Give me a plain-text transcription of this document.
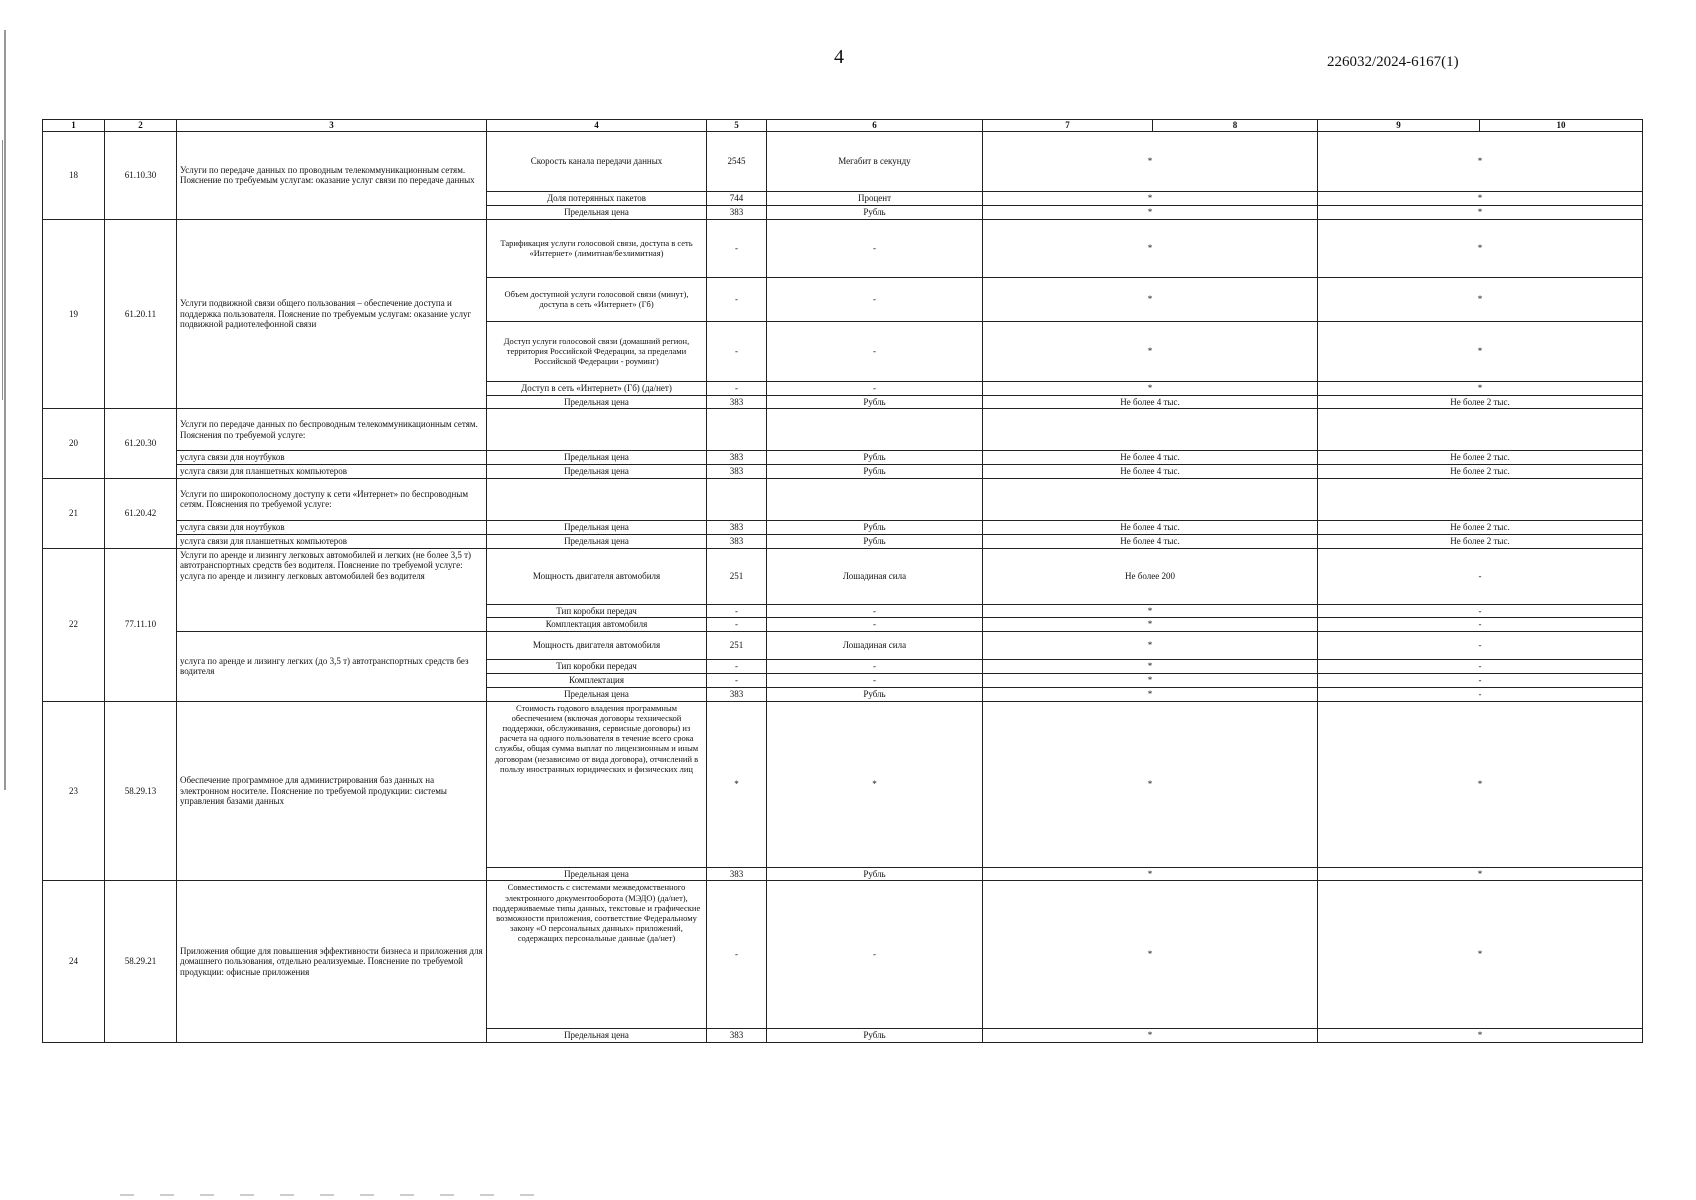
4	226032/2024-6167(1)
1	2	3	4	5	6	7	8	9	10
18	61.10.30	Услуги по передаче данных по проводным телекоммуникационным сетям. Пояснение по требуемым услугам: оказание услуг связи по передаче данных	Скорость канала передачи данных	2545	Мегабит в секунду	*		*	
			Доля потерянных пакетов	744	Процент	*		*	
			Предельная цена	383	Рубль	*		*	
19	61.20.11	Услуги подвижной связи общего пользования – обеспечение доступа и поддержка пользователя. Пояснение по требуемым услугам: оказание услуг подвижной радиотелефонной связи	Тарификация услуги голосовой связи, доступа в сеть «Интернет» (лимитная/безлимитная)	-	-	*		*	
			Объем доступной услуги голосовой связи (минут), доступа в сеть «Интернет» (Гб)	-	-	*		*	
			Доступ услуги голосовой связи (домашний регион, территория Российской Федерации, за пределами Российской Федерации - роуминг)	-	-	*		*	
			Доступ в сеть «Интернет» (Гб) (да/нет)	-	-	*		*	
			Предельная цена	383	Рубль	Не более 4 тыс.		Не более 2 тыс.	
20	61.20.30	Услуги по передаче данных по беспроводным телекоммуникационным сетям. Пояснения по требуемой услуге:							
		услуга связи для ноутбуков	Предельная цена	383	Рубль	Не более 4 тыс.		Не более 2 тыс.	
		услуга связи для планшетных компьютеров	Предельная цена	383	Рубль	Не более 4 тыс.		Не более 2 тыс.	
21	61.20.42	Услуги по широкополосному доступу к сети «Интернет» по беспроводным сетям. Пояснения по требуемой услуге:							
		услуга связи для ноутбуков	Предельная цена	383	Рубль	Не более 4 тыс.		Не более 2 тыс.	
		услуга связи для планшетных компьютеров	Предельная цена	383	Рубль	Не более 4 тыс.		Не более 2 тыс.	
22	77.11.10	Услуги по аренде и лизингу легковых автомобилей и легких (не более 3,5 т) автотранспортных средств без водителя. Пояснение по требуемой услуге: услуга по аренде и лизингу легковых автомобилей без водителя	Мощность двигателя автомобиля	251	Лошадиная сила	Не более 200		-	
			Тип коробки передач	-	-	*		-	
			Комплектация автомобиля	-	-	*		-	
		услуга по аренде и лизингу легких (до 3,5 т) автотранспортных средств без водителя	Мощность двигателя автомобиля	251	Лошадиная сила	*		-	
			Тип коробки передач	-	-	*		-	
			Комплектация	-	-	*		-	
			Предельная цена	383	Рубль	*		-	
23	58.29.13	Обеспечение программное для администрирования баз данных на электронном носителе. Пояснение по требуемой продукции: системы управления базами данных	Стоимость годового владения программным обеспечением (включая договоры технической поддержки, обслуживания, сервисные договоры) из расчета на одного пользователя в течение всего срока службы, общая сумма выплат по лицензионным и иным договорам (независимо от вида договора), отчислений в пользу иностранных юридических и физических лиц	*	*	*		*	
			Предельная цена	383	Рубль	*		*	
24	58.29.21	Приложения общие для повышения эффективности бизнеса и приложения для домашнего пользования, отдельно реализуемые. Пояснение по требуемой продукции: офисные приложения	Совместимость с системами межведомственного электронного документооборота (МЭДО) (да/нет), поддерживаемые типы данных, текстовые и графические возможности приложения, соответствие Федеральному закону «О персональных данных» приложений, содержащих персональные данные (да/нет)	-	-	*		*	
			Предельная цена	383	Рубль	*		*	
